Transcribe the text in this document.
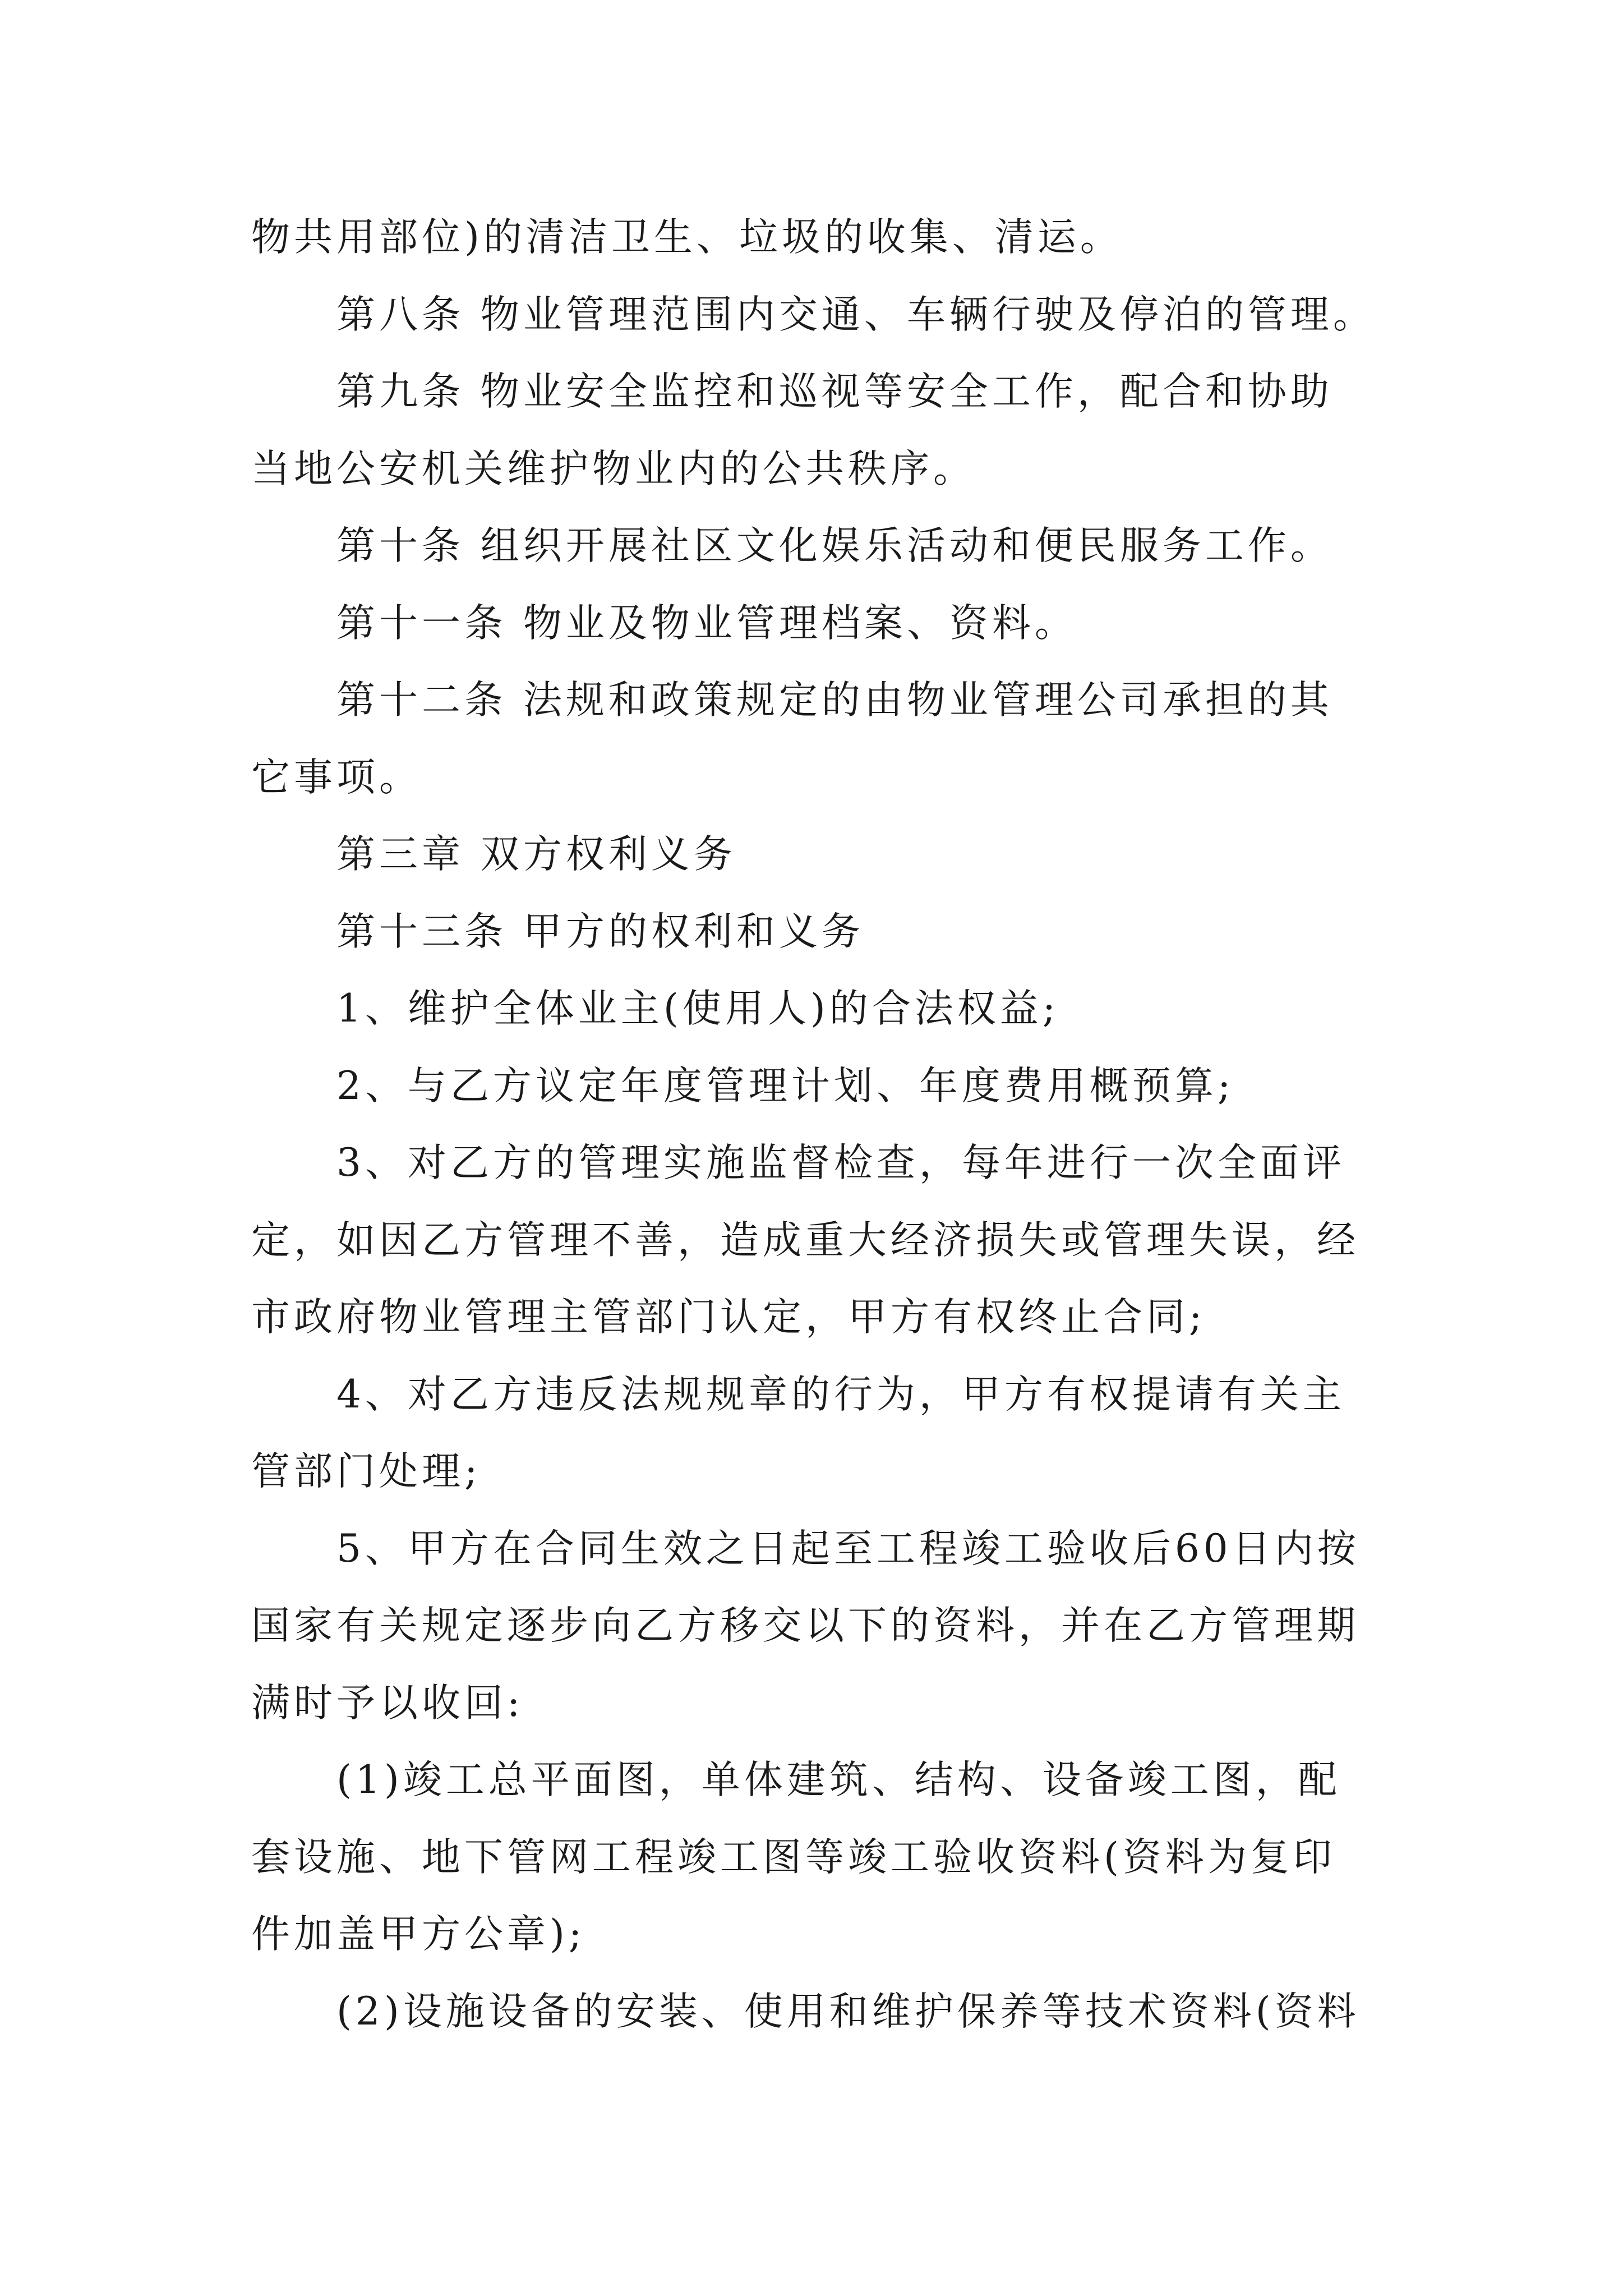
物共用部位)的清洁卫生、垃圾的收集、清运。

第八条 物业管理范围内交通、车辆行驶及停泊的管理。

第九条 物业安全监控和巡视等安全工作，配合和协助
当地公安机关维护物业内的公共秩序。

第十条 组织开展社区文化娱乐活动和便民服务工作。

第十一条 物业及物业管理档案、资料。

第十二条 法规和政策规定的由物业管理公司承担的其
它事项。

第三章 双方权利义务

第十三条 甲方的权利和义务

1、维护全体业主(使用人)的合法权益;

2、与乙方议定年度管理计划、年度费用概预算;

3、对乙方的管理实施监督检查，每年进行一次全面评
定，如因乙方管理不善，造成重大经济损失或管理失误，经
市政府物业管理主管部门认定，甲方有权终止合同;

4、对乙方违反法规规章的行为，甲方有权提请有关主
管部门处理;

5、甲方在合同生效之日起至工程竣工验收后60日内按
国家有关规定逐步向乙方移交以下的资料，并在乙方管理期
满时予以收回:

(1)竣工总平面图，单体建筑、结构、设备竣工图，配
套设施、地下管网工程竣工图等竣工验收资料(资料为复印
件加盖甲方公章);

(2)设施设备的安装、使用和维护保养等技术资料(资料
